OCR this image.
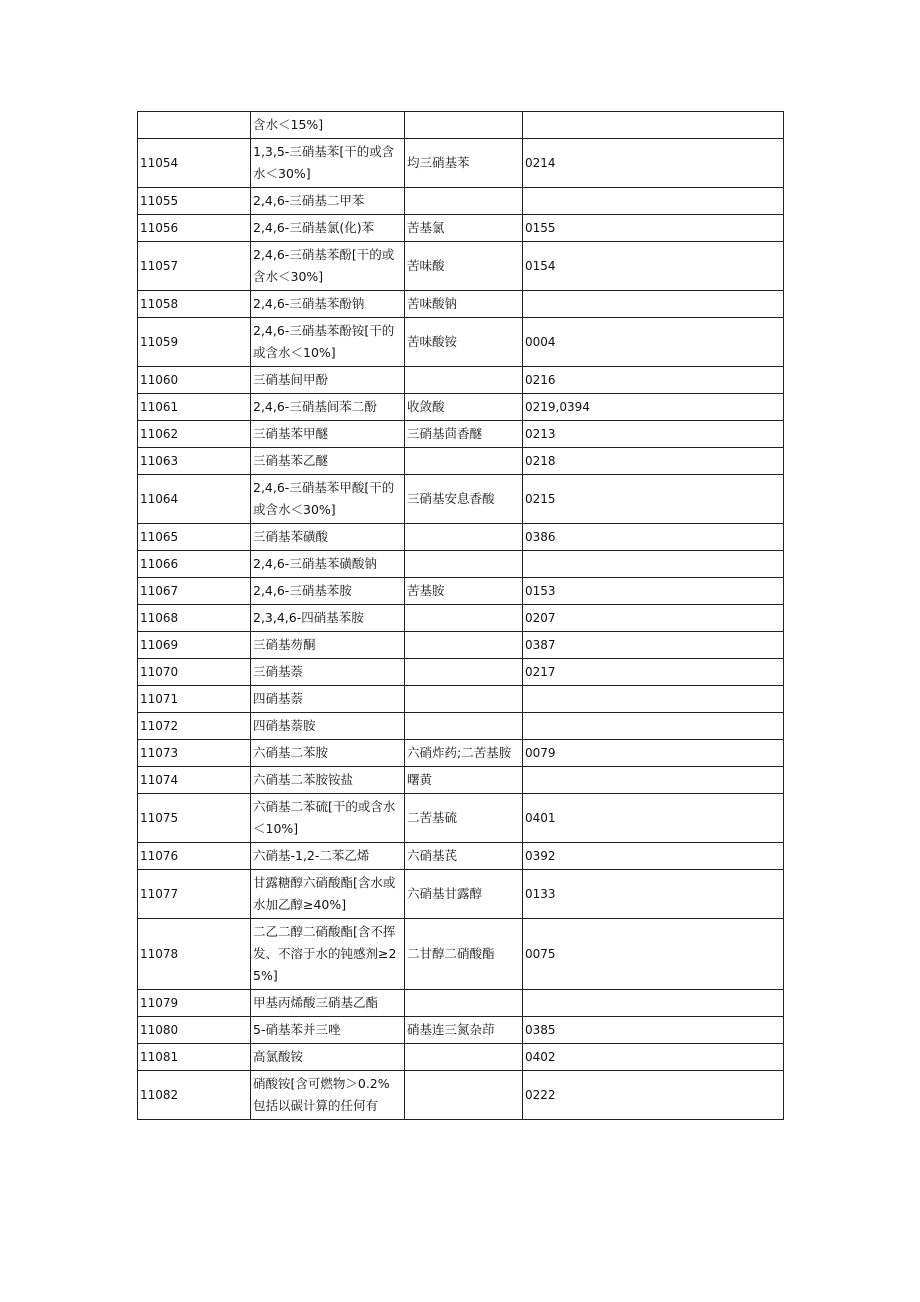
	含水＜15%]		
11054	1,3,5-三硝基苯[干的或含水＜30%]	均三硝基苯	0214
11055	2,4,6-三硝基二甲苯		
11056	2,4,6-三硝基氯(化)苯	苦基氯	0155
11057	2,4,6-三硝基苯酚[干的或含水＜30%]	苦味酸	0154
11058	2,4,6-三硝基苯酚钠	苦味酸钠	
11059	2,4,6-三硝基苯酚铵[干的或含水＜10%]	苦味酸铵	0004
11060	三硝基间甲酚		0216
11061	2,4,6-三硝基间苯二酚	收敛酸	0219,0394
11062	三硝基苯甲醚	三硝基茴香醚	0213
11063	三硝基苯乙醚		0218
11064	2,4,6-三硝基苯甲酸[干的或含水＜30%]	三硝基安息香酸	0215
11065	三硝基苯磺酸		0386
11066	2,4,6-三硝基苯磺酸钠		
11067	2,4,6-三硝基苯胺	苦基胺	0153
11068	2,3,4,6-四硝基苯胺		0207
11069	三硝基芴酮		0387
11070	三硝基萘		0217
11071	四硝基萘		
11072	四硝基萘胺		
11073	六硝基二苯胺	六硝炸药;二苦基胺	0079
11074	六硝基二苯胺铵盐	曙黄	
11075	六硝基二苯硫[干的或含水＜10%]	二苦基硫	0401
11076	六硝基-1,2-二苯乙烯	六硝基芪	0392
11077	甘露糖醇六硝酸酯[含水或水加乙醇≥40%]	六硝基甘露醇	0133
11078	二乙二醇二硝酸酯[含不挥发、不溶于水的钝感剂≥25%]	二甘醇二硝酸酯	0075
11079	甲基丙烯酸三硝基乙酯		
11080	5-硝基苯并三唑	硝基连三氮杂茚	0385
11081	高氯酸铵		0402
11082	硝酸铵[含可燃物＞0.2%包括以碳计算的任何有		0222
